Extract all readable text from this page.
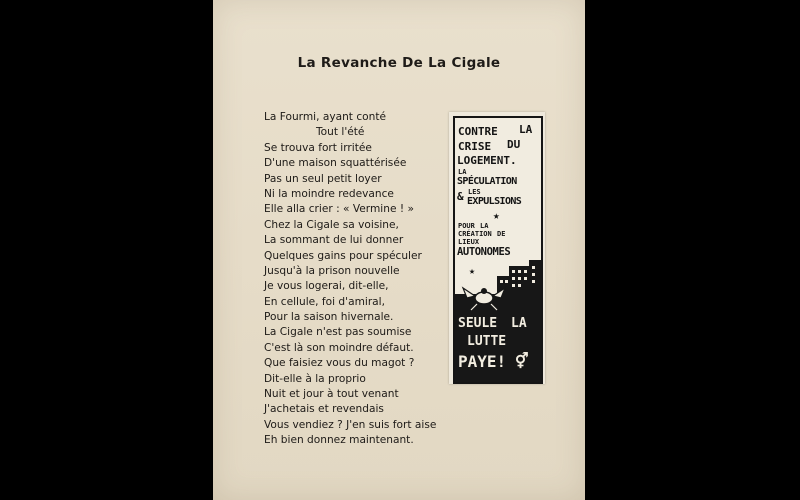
La Revanche De La Cigale
La Fourmi, ayant conté
Tout l'été
Se trouva fort irritée
D'une maison squattérisée
Pas un seul petit loyer
Ni la moindre redevance
Elle alla crier : « Vermine ! »
Chez la Cigale sa voisine,
La sommant de lui donner
Quelques gains pour spéculer
Jusqu'à la prison nouvelle
Je vous logerai, dit-elle,
En cellule, foi d'amiral,
Pour la saison hivernale.
La Cigale n'est pas soumise
C'est là son moindre défaut.
Que faisiez vous du magot ?
Dit-elle à la proprio
Nuit et jour à tout venant
J'achetais et revendais
Vous vendiez ? J'en suis fort aise
Eh bien donnez maintenant.
CONTRE LA
CRISE DU
LOGEMENT.
LA
SPÉCULATION
& LES
EXPULSIONS
★
POUR LA
CRÉATION DE
LIEUX
AUTONOMES
★
SEULE LA
LUTTE
PAYE! ⚥
